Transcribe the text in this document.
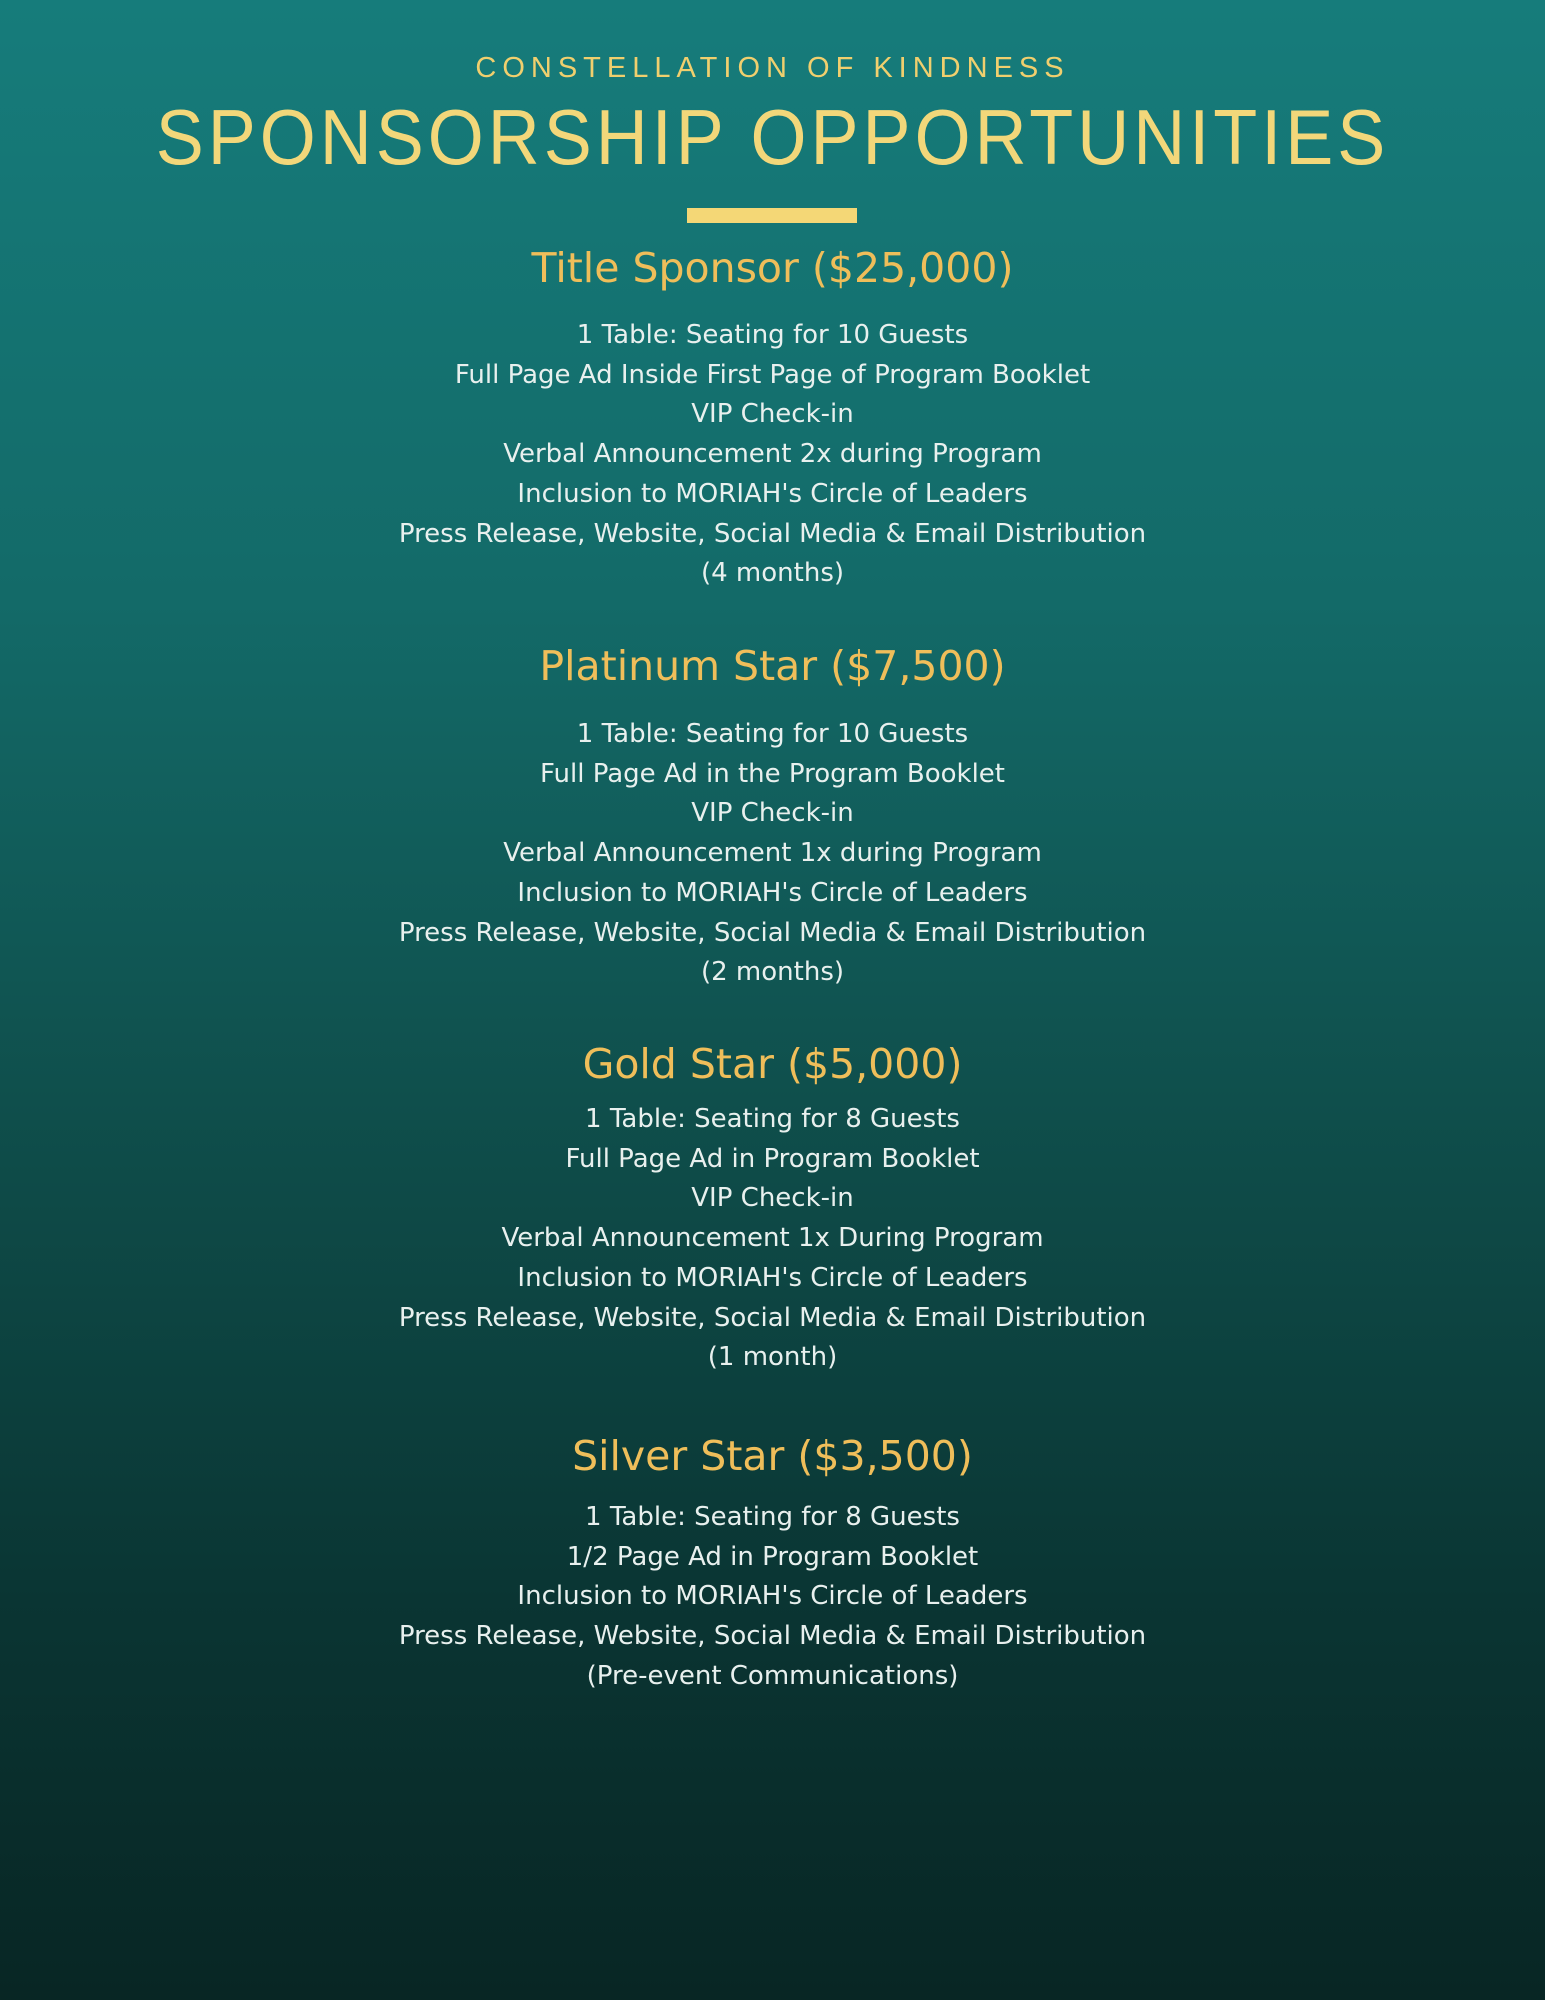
CONSTELLATION OF KINDNESS
SPONSORSHIP OPPORTUNITIES
Title Sponsor ($25,000)
1 Table: Seating for 10 Guests
Full Page Ad Inside First Page of Program Booklet
VIP Check-in
Verbal Announcement 2x during Program
Inclusion to MORIAH's Circle of Leaders
Press Release, Website, Social Media & Email Distribution
(4 months)
Platinum Star ($7,500)
1 Table: Seating for 10 Guests
Full Page Ad in the Program Booklet
VIP Check-in
Verbal Announcement 1x during Program
Inclusion to MORIAH's Circle of Leaders
Press Release, Website, Social Media & Email Distribution
(2 months)
Gold Star ($5,000)
1 Table: Seating for 8 Guests
Full Page Ad in Program Booklet
VIP Check-in
Verbal Announcement 1x During Program
Inclusion to MORIAH's Circle of Leaders
Press Release, Website, Social Media & Email Distribution
(1 month)
Silver Star ($3,500)
1 Table: Seating for 8 Guests
1/2 Page Ad in Program Booklet
Inclusion to MORIAH's Circle of Leaders
Press Release, Website, Social Media & Email Distribution
(Pre-event Communications)
